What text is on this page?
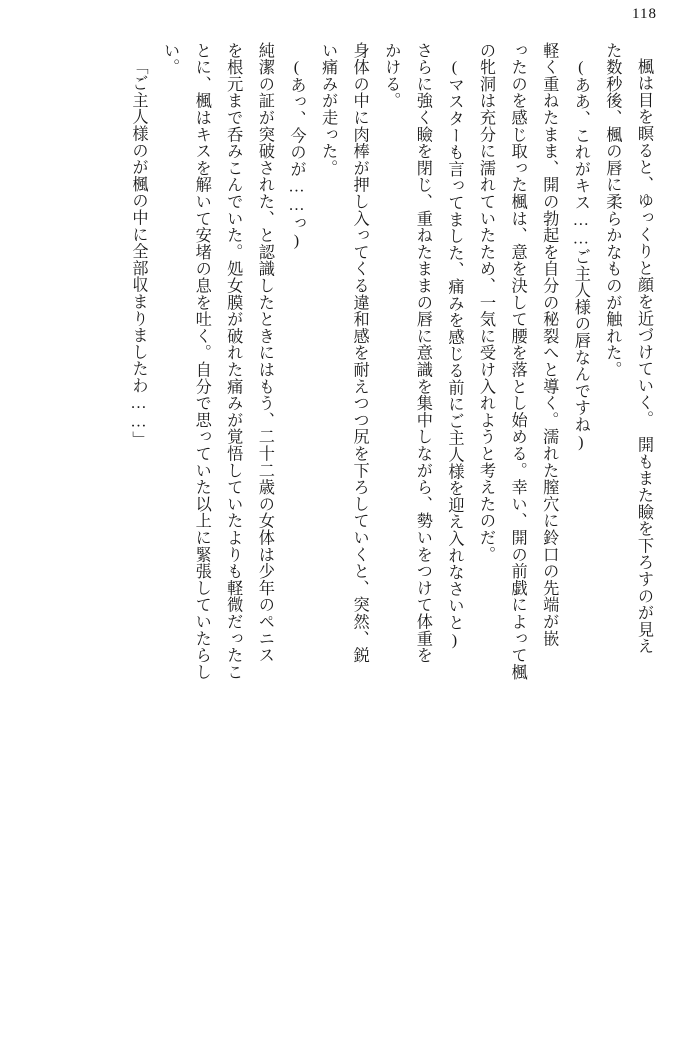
118

楓は目を瞑ると、ゆっくりと顔を近づけていく。　開もまた瞼を下ろすのが見え

た数秒後、楓の唇に柔らかなものが触れた。

(ああ、これがキス……ご主人様の唇なんですね)

軽く重ねたまま、開の勃起を自分の秘裂へと導く。濡れた膣穴に鈴口の先端が嵌

ったのを感じ取った楓は、意を決して腰を落とし始める。幸い、開の前戯によって楓

の牝洞は充分に濡れていたため、一気に受け入れようと考えたのだ。

(マスターも言ってました、痛みを感じる前にご主人様を迎え入れなさいと)

さらに強く瞼を閉じ、重ねたままの唇に意識を集中しながら、勢いをつけて体重を

かける。

身体の中に肉棒が押し入ってくる違和感を耐えつつ尻を下ろしていくと、突然、鋭

い痛みが走った。

(あっ、今のが……っ)

純潔の証が突破された、と認識したときにはもう、二十二歳の女体は少年のペニス

を根元まで呑みこんでいた。処女膜が破れた痛みが覚悟していたよりも軽微だったこ

とに、楓はキスを解いて安堵の息を吐く。自分で思っていた以上に緊張していたらし

い。

「ご主人様のが楓の中に全部収まりましたわ……」
